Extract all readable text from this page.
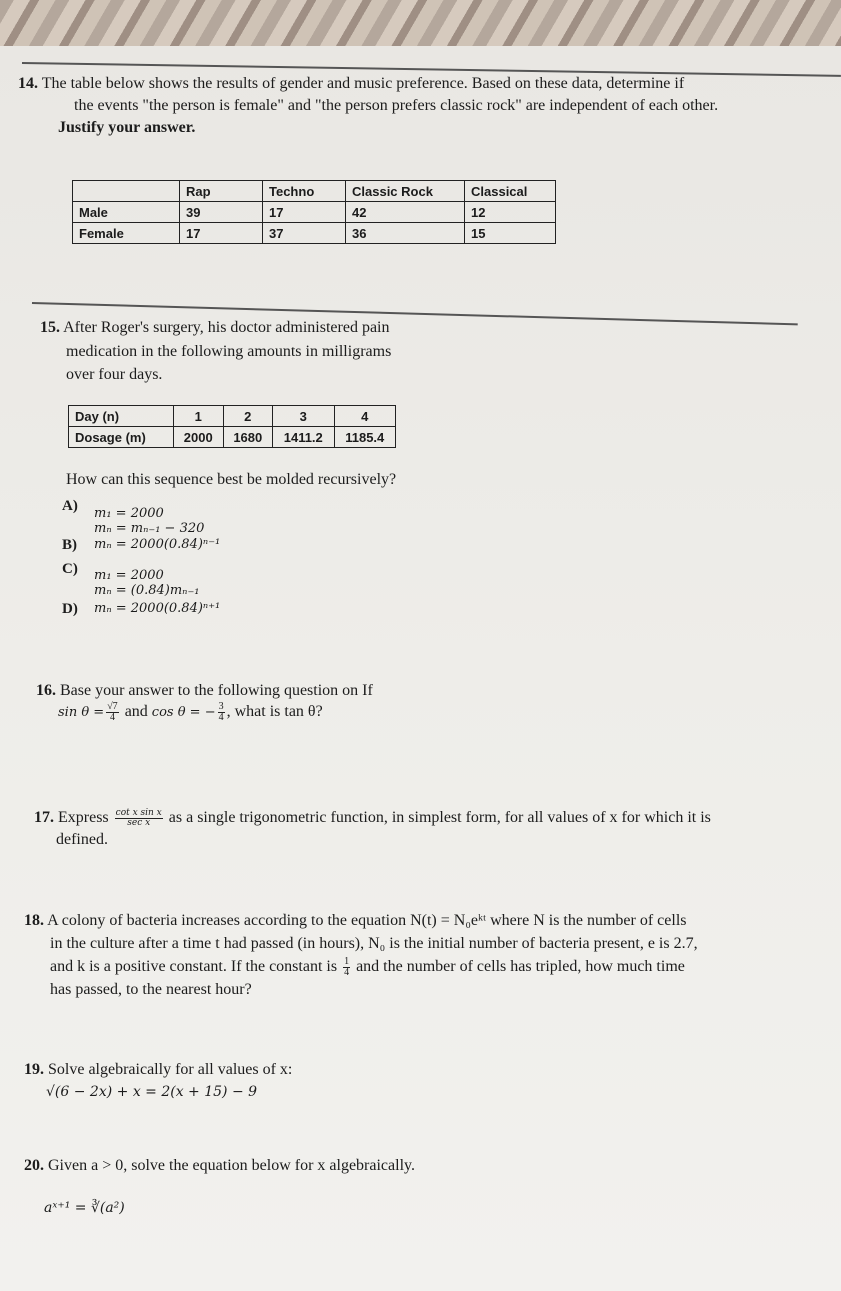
14. The table below shows the results of gender and music preference. Based on these data, determine if
the events "the person is female" and "the person prefers classic rock" are independent of each other.
Justify your answer.
	Rap	Techno	Classic Rock	Classical
Male	39	17	42	12
Female	17	37	36	15
15. After Roger's surgery, his doctor administered pain
medication in the following amounts in milligrams
over four days.
Day (n)	1	2	3	4
Dosage (m)	2000	1680	1411.2	1185.4
How can this sequence best be molded recursively?
A) m₁ = 2000
mₙ = mₙ₋₁ − 320
B) mₙ = 2000(0.84)ⁿ⁻¹
C) m₁ = 2000
mₙ = (0.84)mₙ₋₁
D) mₙ = 2000(0.84)ⁿ⁺¹
16. Base your answer to the following question on If
$\sin \theta = \frac{√7}{4}$ and cos θ = − $\frac{3}{4}$ , what is tan θ?
17. Express $\frac{\text{cot x sin x}}{\text{sec x}}$ as a single trigonometric function, in simplest form, for all values of x for which it is
defined.
18. A colony of bacteria increases according to the equation N(t) = N₀eᵏᵗ where N is the number of cells
in the culture after a time t had passed (in hours), N₀ is the initial number of bacteria present, e is 2.7,
and k is a positive constant. If the constant is $\frac{1}{4}$ and the number of cells has tripled, how much time
has passed, to the nearest hour?
19. Solve algebraically for all values of x:
√(6 − 2x) + x = 2(x + 15) − 9
20. Given a > 0, solve the equation below for x algebraically.
aˣ⁺¹ = ∛(a²)
